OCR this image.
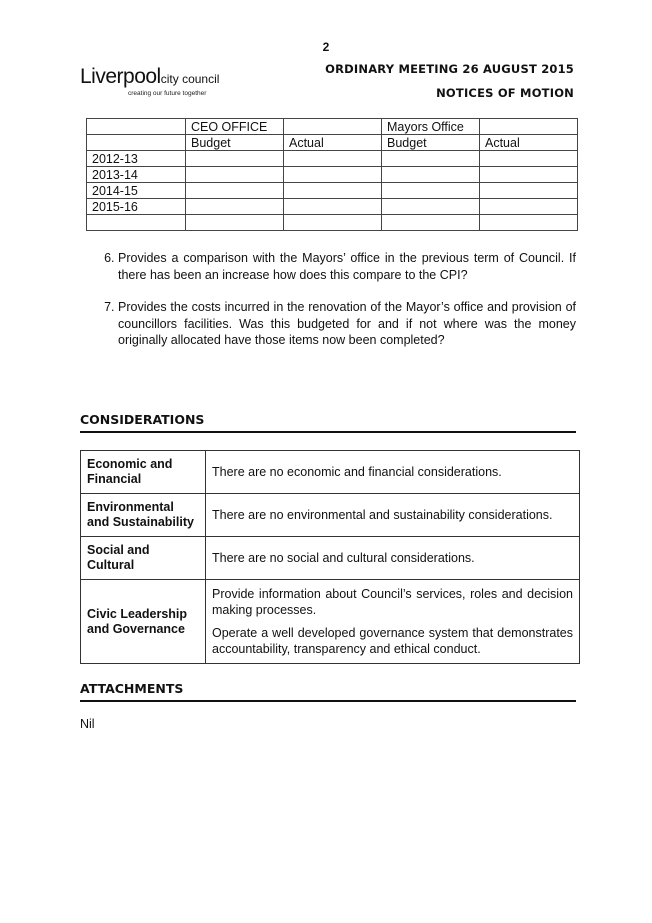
2
Liverpoolcity council
creating our future together
ORDINARY MEETING 26 AUGUST 2015
NOTICES OF MOTION
	CEO OFFICE		Mayors Office	
	Budget	Actual	Budget	Actual
2012-13				
2013-14				
2014-15				
2015-16				

6. Provides a comparison with the Mayors’ office in the previous term of Council. If there has been an increase how does this compare to the CPI?
7. Provides the costs incurred in the renovation of the Mayor’s office and provision of councillors facilities. Was this budgeted for and if not where was the money originally allocated have those items now been completed?
CONSIDERATIONS
Economic and Financial	There are no economic and financial considerations.

Environmental and Sustainability	There are no environmental and sustainability considerations.

Social and Cultural	There are no social and cultural considerations.

Civic Leadership and Governance	Provide information about Council’s services, roles and decision making processes.

Operate a well developed governance system that demonstrates accountability, transparency and ethical conduct.

ATTACHMENTS
Nil
